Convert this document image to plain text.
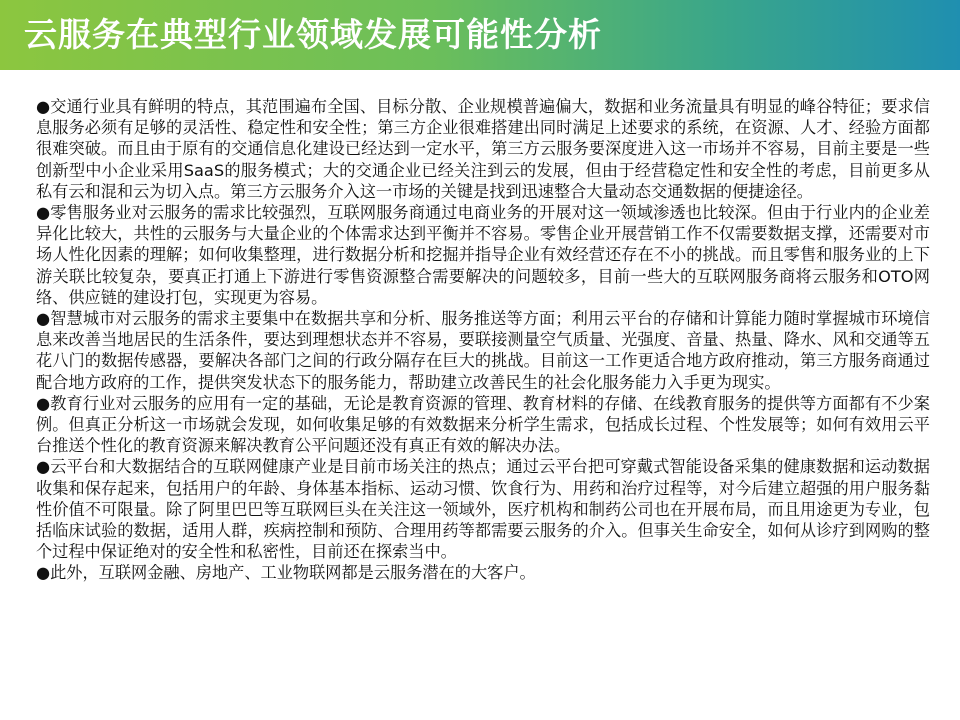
云服务在典型行业领域发展可能性分析

●交通行业具有鲜明的特点，其范围遍布全国、目标分散、企业规模普遍偏大，数据和业务流量具有明显的峰谷特征；要求信息服务必须有足够的灵活性、稳定性和安全性；第三方企业很难搭建出同时满足上述要求的系统，在资源、人才、经验方面都很难突破。而且由于原有的交通信息化建设已经达到一定水平，第三方云服务要深度进入这一市场并不容易，目前主要是一些创新型中小企业采用SaaS的服务模式；大的交通企业已经关注到云的发展，但由于经营稳定性和安全性的考虑，目前更多从私有云和混和云为切入点。第三方云服务介入这一市场的关键是找到迅速整合大量动态交通数据的便捷途径。

●零售服务业对云服务的需求比较强烈，互联网服务商通过电商业务的开展对这一领域渗透也比较深。但由于行业内的企业差异化比较大，共性的云服务与大量企业的个体需求达到平衡并不容易。零售企业开展营销工作不仅需要数据支撑，还需要对市场人性化因素的理解；如何收集整理，进行数据分析和挖掘并指导企业有效经营还存在不小的挑战。而且零售和服务业的上下游关联比较复杂，要真正打通上下游进行零售资源整合需要解决的问题较多，目前一些大的互联网服务商将云服务和OTO网络、供应链的建设打包，实现更为容易。

●智慧城市对云服务的需求主要集中在数据共享和分析、服务推送等方面；利用云平台的存储和计算能力随时掌握城市环境信息来改善当地居民的生活条件，要达到理想状态并不容易，要联接测量空气质量、光强度、音量、热量、降水、风和交通等五花八门的数据传感器，要解决各部门之间的行政分隔存在巨大的挑战。目前这一工作更适合地方政府推动，第三方服务商通过配合地方政府的工作，提供突发状态下的服务能力，帮助建立改善民生的社会化服务能力入手更为现实。

●教育行业对云服务的应用有一定的基础，无论是教育资源的管理、教育材料的存储、在线教育服务的提供等方面都有不少案例。但真正分析这一市场就会发现，如何收集足够的有效数据来分析学生需求，包括成长过程、个性发展等；如何有效用云平台推送个性化的教育资源来解决教育公平问题还没有真正有效的解决办法。

●云平台和大数据结合的互联网健康产业是目前市场关注的热点；通过云平台把可穿戴式智能设备采集的健康数据和运动数据收集和保存起来，包括用户的年龄、身体基本指标、运动习惯、饮食行为、用药和治疗过程等，对今后建立超强的用户服务黏性价值不可限量。除了阿里巴巴等互联网巨头在关注这一领域外，医疗机构和制药公司也在开展布局，而且用途更为专业，包括临床试验的数据，适用人群，疾病控制和预防、合理用药等都需要云服务的介入。但事关生命安全，如何从诊疗到网购的整个过程中保证绝对的安全性和私密性，目前还在探索当中。

●此外，互联网金融、房地产、工业物联网都是云服务潜在的大客户。
